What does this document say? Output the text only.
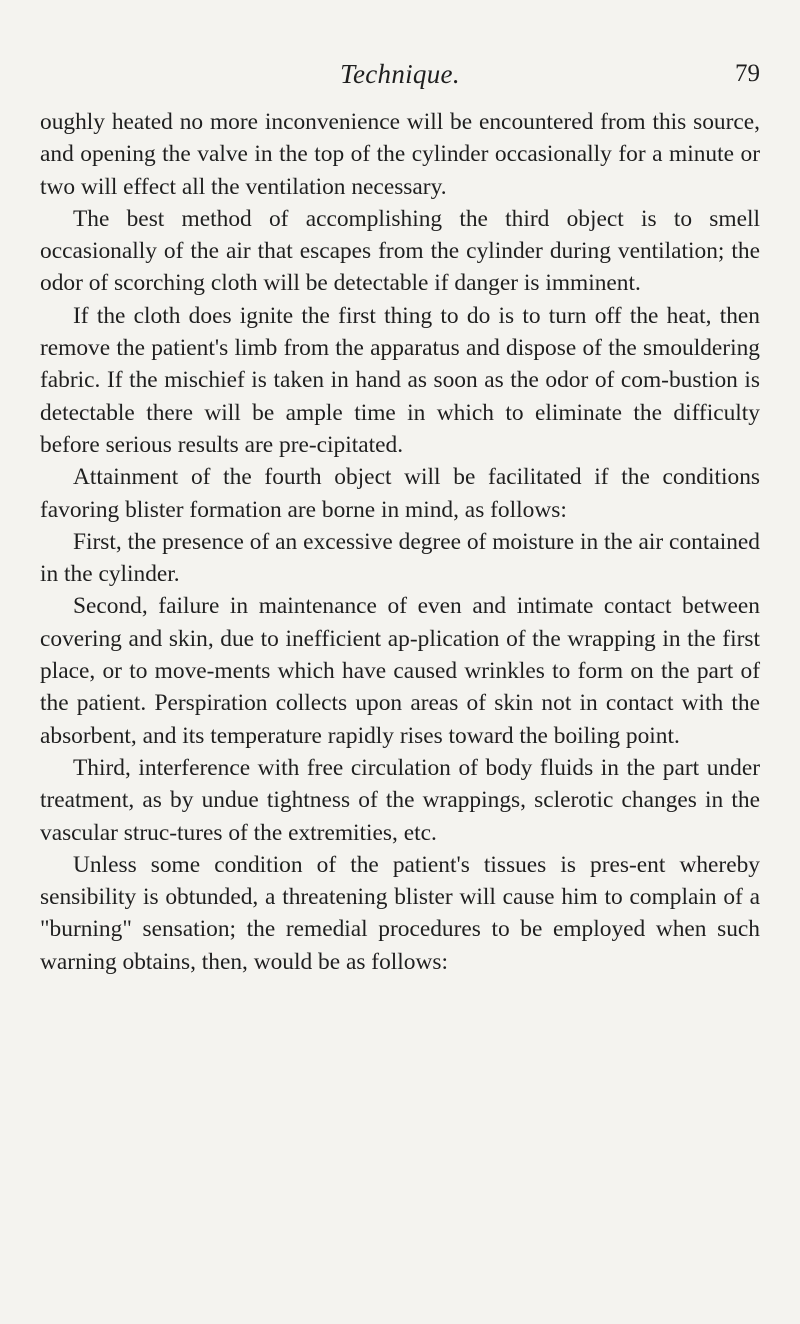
Technique.	79

oughly heated no more inconvenience will be encountered from this source, and opening the valve in the top of the cylinder occasionally for a minute or two will effect all the ventilation necessary.

The best method of accomplishing the third object is to smell occasionally of the air that escapes from the cylinder during ventilation; the odor of scorching cloth will be detectable if danger is imminent.

If the cloth does ignite the first thing to do is to turn off the heat, then remove the patient's limb from the apparatus and dispose of the smouldering fabric. If the mischief is taken in hand as soon as the odor of com-bustion is detectable there will be ample time in which to eliminate the difficulty before serious results are pre-cipitated.

Attainment of the fourth object will be facilitated if the conditions favoring blister formation are borne in mind, as follows:

First, the presence of an excessive degree of moisture in the air contained in the cylinder.

Second, failure in maintenance of even and intimate contact between covering and skin, due to inefficient ap-plication of the wrapping in the first place, or to move-ments which have caused wrinkles to form on the part of the patient. Perspiration collects upon areas of skin not in contact with the absorbent, and its temperature rapidly rises toward the boiling point.

Third, interference with free circulation of body fluids in the part under treatment, as by undue tightness of the wrappings, sclerotic changes in the vascular struc-tures of the extremities, etc.

Unless some condition of the patient's tissues is pres-ent whereby sensibility is obtunded, a threatening blister will cause him to complain of a "burning" sensation; the remedial procedures to be employed when such warning obtains, then, would be as follows:
